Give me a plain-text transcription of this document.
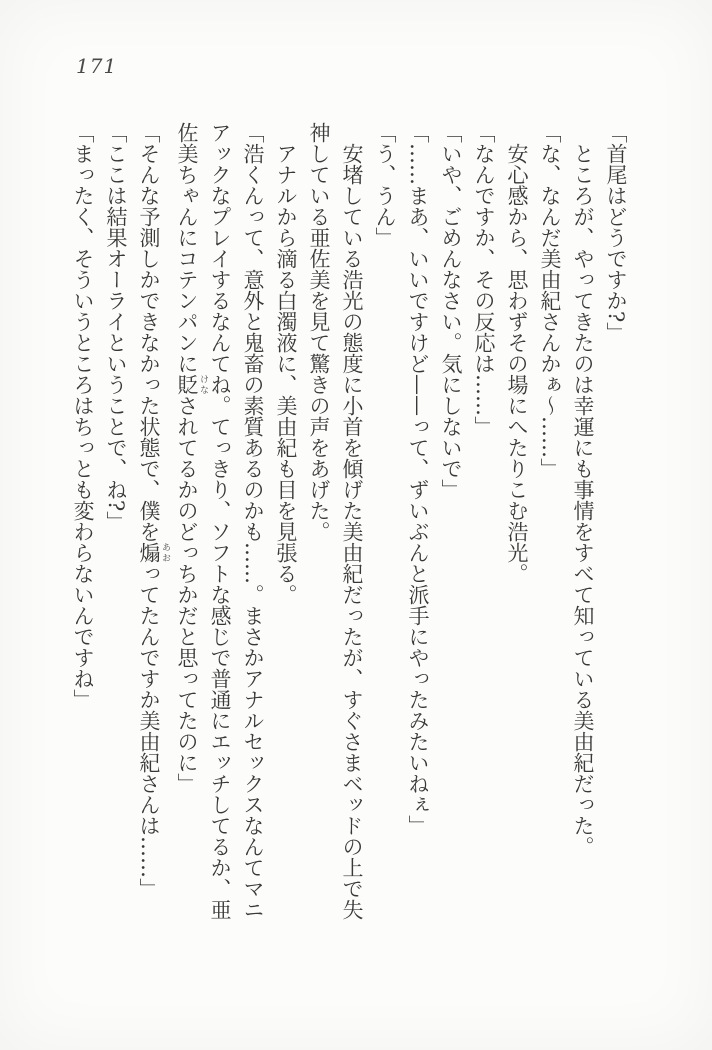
171

「首尾はどうですか?」

ところが、やってきたのは幸運にも事情をすべて知っている美由紀だった。

「な、なんだ美由紀さんかぁ〜……」

安心感から、思わずその場にへたりこむ浩光。

「なんですか、その反応は……」

「いや、ごめんなさい。気にしないで」

「……まあ、いいですけど——って、ずいぶんと派手にやったみたいねぇ」

「う、うん」

安堵している浩光の態度に小首を傾げた美由紀だったが、すぐさまベッドの上で失神している亜佐美を見て驚きの声をあげた。

アナルから滴る白濁液に、美由紀も目を見張る。

「浩くんって、意外と鬼畜の素質あるのかも……。まさかアナルセックスなんてマニアックなプレイするなんてね。てっきり、ソフトな感じで普通にエッチしてるか、亜佐美ちゃんにコテンパンに貶 けなされてるかのどっちかだと思ってたのに」

「そんな予測しかできなかった状態で、僕を煽 あおってたんですか美由紀さんは……」

「ここは結果オーライということで、ね?」

「まったく、そういうところはちっとも変わらないんですね」
